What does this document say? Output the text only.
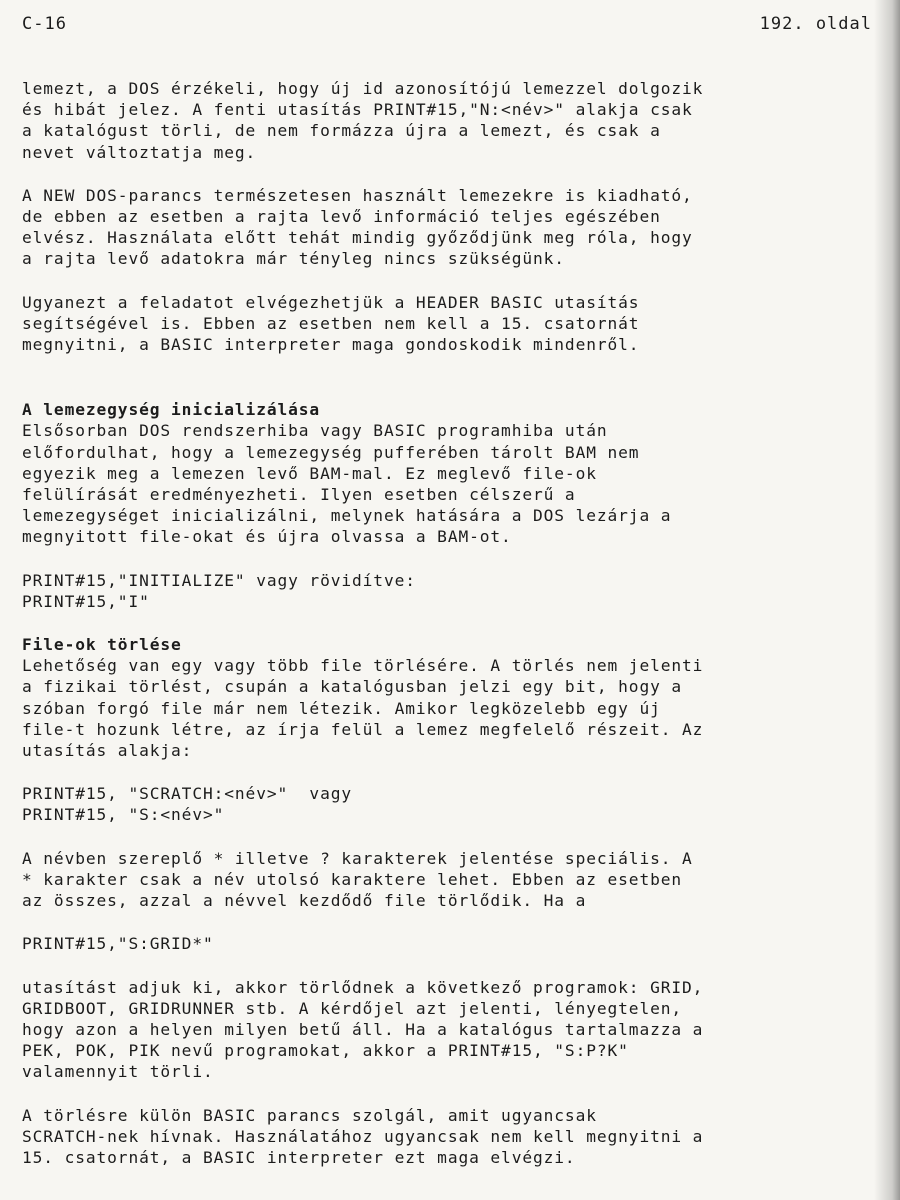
C-16	192. oldal

lemezt, a DOS érzékeli, hogy új id azonosítójú lemezzel dolgozik

és hibát jelez. A fenti utasítás PRINT#15,"N:<név>" alakja csak

a katalógust törli, de nem formázza újra a lemezt, és csak a

nevet változtatja meg.

A NEW DOS-parancs természetesen használt lemezekre is kiadható,

de ebben az esetben a rajta levő információ teljes egészében

elvész. Használata előtt tehát mindig győződjünk meg róla, hogy

a rajta levő adatokra már tényleg nincs szükségünk.

Ugyanezt a feladatot elvégezhetjük a HEADER BASIC utasítás

segítségével is. Ebben az esetben nem kell a 15. csatornát

megnyitni, a BASIC interpreter maga gondoskodik mindenről.

A lemezegység inicializálása

Elsősorban DOS rendszerhiba vagy BASIC programhiba után

előfordulhat, hogy a lemezegység pufferében tárolt BAM nem

egyezik meg a lemezen levő BAM-mal. Ez meglevő file-ok

felülírását eredményezheti. Ilyen esetben célszerű a

lemezegységet inicializálni, melynek hatására a DOS lezárja a

megnyitott file-okat és újra olvassa a BAM-ot.

PRINT#15,"INITIALIZE" vagy rövidítve:
PRINT#15,"I"
File-ok törlése

Lehetőség van egy vagy több file törlésére. A törlés nem jelenti

a fizikai törlést, csupán a katalógusban jelzi egy bit, hogy a

szóban forgó file már nem létezik. Amikor legközelebb egy új

file-t hozunk létre, az írja felül a lemez megfelelő részeit. Az

utasítás alakja:

PRINT#15, "SCRATCH:<név>"  vagy
PRINT#15, "S:<név>"

A névben szereplő * illetve ? karakterek jelentése speciális. A

* karakter csak a név utolsó karaktere lehet. Ebben az esetben

az összes, azzal a névvel kezdődő file törlődik. Ha a

PRINT#15,"S:GRID*"

utasítást adjuk ki, akkor törlődnek a következő programok: GRID,

GRIDBOOT, GRIDRUNNER stb. A kérdőjel azt jelenti, lényegtelen,

hogy azon a helyen milyen betű áll. Ha a katalógus tartalmazza a

PEK, POK, PIK nevű programokat, akkor a PRINT#15, "S:P?K"

valamennyit törli.

A törlésre külön BASIC parancs szolgál, amit ugyancsak

SCRATCH-nek hívnak. Használatához ugyancsak nem kell megnyitni a

15. csatornát, a BASIC interpreter ezt maga elvégzi.
